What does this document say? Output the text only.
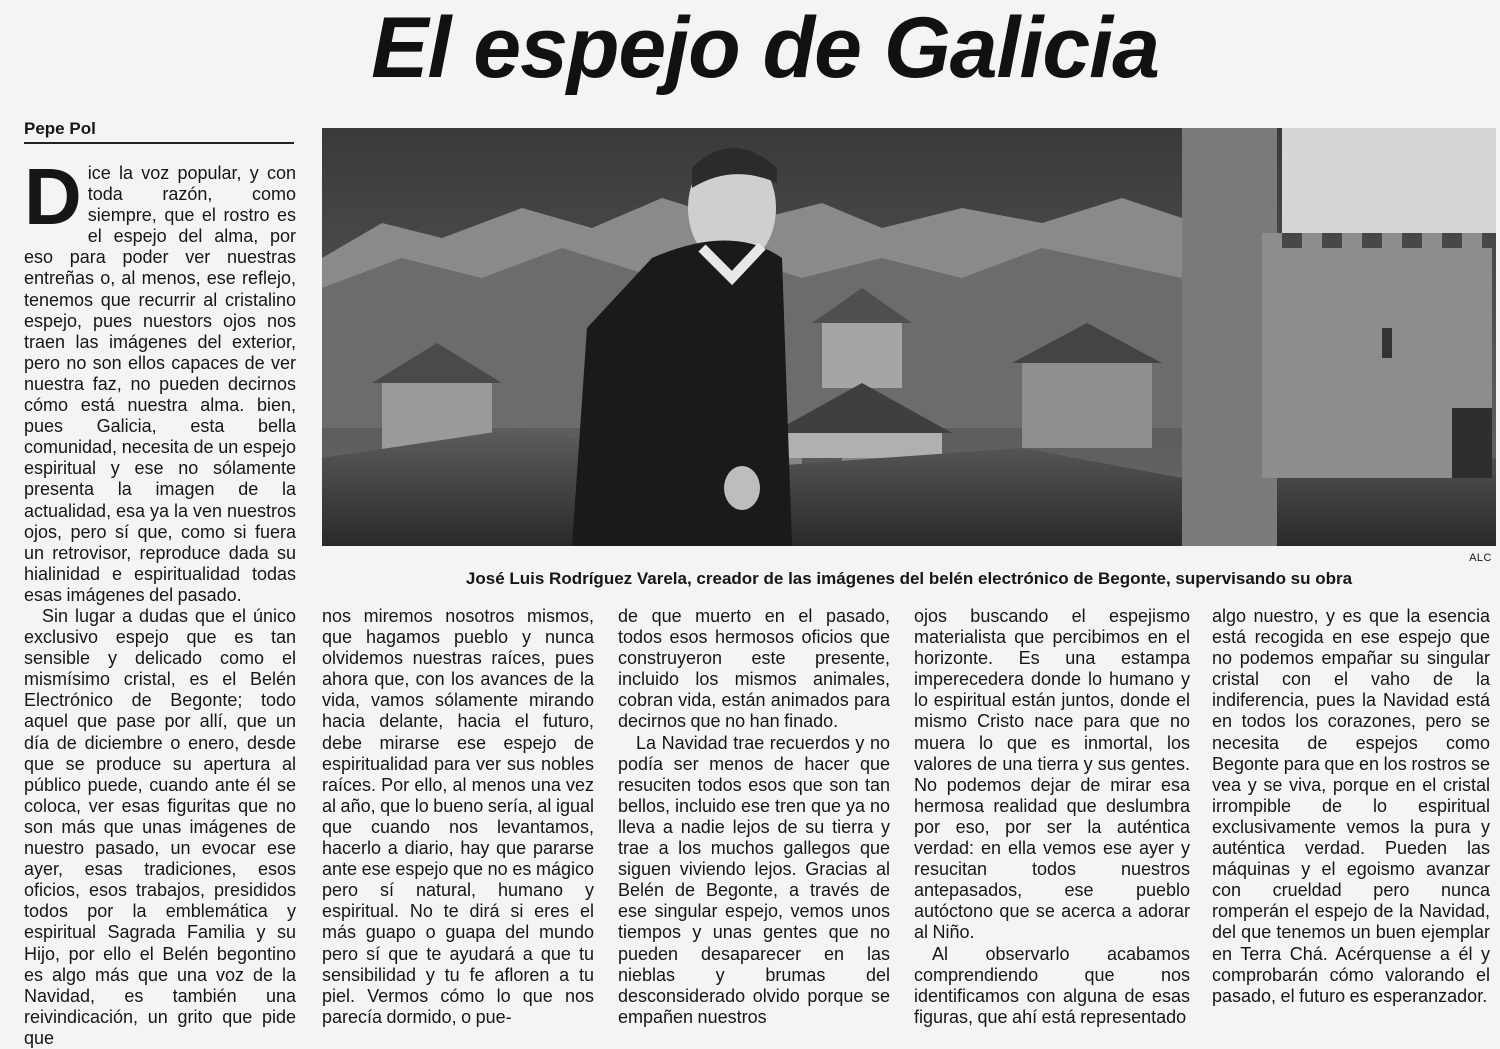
El espejo de Galicia
Pepe Pol
ALC
José Luis Rodríguez Varela, creador de las imágenes del belén electrónico de Begonte, supervisando su obra
D ice la voz popular, y con toda razón, como siempre, que el rostro es el espejo del alma, por eso para poder ver nuestras entreñas o, al menos, ese reflejo, tenemos que recurrir al cristalino espejo, pues nuestors ojos nos traen las imágenes del exterior, pero no son ellos capaces de ver nuestra faz, no pueden decirnos cómo está nuestra alma. bien, pues Galicia, esta bella comunidad, necesita de un espejo espiritual y ese no sólamente presenta la imagen de la actualidad, esa ya la ven nuestros ojos, pero sí que, como si fuera un retrovisor, reproduce dada su hialinidad e espiritualidad todas esas imágenes del pasado.

Sin lugar a dudas que el único exclusivo espejo que es tan sensible y delicado como el mismísimo cristal, es el Belén Electrónico de Begonte; todo aquel que pase por allí, que un día de diciembre o enero, desde que se produce su apertura al público puede, cuando ante él se coloca, ver esas figuritas que no son más que unas imágenes de nuestro pasado, un evocar ese ayer, esas tradiciones, esos oficios, esos trabajos, presididos todos por la emblemática y espiritual Sagrada Familia y su Hijo, por ello el Belén begontino es algo más que una voz de la Navidad, es también una reivindicación, un grito que pide que

nos miremos nosotros mismos, que hagamos pueblo y nunca olvidemos nuestras raíces, pues ahora que, con los avances de la vida, vamos sólamente mirando hacia delante, hacia el futuro, debe mirarse ese espejo de espiritualidad para ver sus nobles raíces. Por ello, al menos una vez al año, que lo bueno sería, al igual que cuando nos levantamos, hacerlo a diario, hay que pararse ante ese espejo que no es mágico pero sí natural, humano y espiritual. No te dirá si eres el más guapo o guapa del mundo pero sí que te ayudará a que tu sensibilidad y tu fe afloren a tu piel. Vermos cómo lo que nos parecía dormido, o pue-

de que muerto en el pasado, todos esos hermosos oficios que construyeron este presente, incluido los mismos animales, cobran vida, están animados para decirnos que no han finado.

La Navidad trae recuerdos y no podía ser menos de hacer que resuciten todos esos que son tan bellos, incluido ese tren que ya no lleva a nadie lejos de su tierra y trae a los muchos gallegos que siguen viviendo lejos. Gracias al Belén de Begonte, a través de ese singular espejo, vemos unos tiempos y unas gentes que no pueden desaparecer en las nieblas y brumas del desconsiderado olvido porque se empañen nuestros

ojos buscando el espejismo materialista que percibimos en el horizonte. Es una estampa imperecedera donde lo humano y lo espiritual están juntos, donde el mismo Cristo nace para que no muera lo que es inmortal, los valores de una tierra y sus gentes. No podemos dejar de mirar esa hermosa realidad que deslumbra por eso, por ser la auténtica verdad: en ella vemos ese ayer y resucitan todos nuestros antepasados, ese pueblo autóctono que se acerca a adorar al Niño.

Al observarlo acabamos comprendiendo que nos identificamos con alguna de esas figuras, que ahí está representado

algo nuestro, y es que la esencia está recogida en ese espejo que no podemos empañar su singular cristal con el vaho de la indiferencia, pues la Navidad está en todos los corazones, pero se necesita de espejos como Begonte para que en los rostros se vea y se viva, porque en el cristal irrompible de lo espiritual exclusivamente vemos la pura y auténtica verdad. Pueden las máquinas y el egoismo avanzar con crueldad pero nunca romperán el espejo de la Navidad, del que tenemos un buen ejemplar en Terra Chá. Acérquense a él y comprobarán cómo valorando el pasado, el futuro es esperanzador.
